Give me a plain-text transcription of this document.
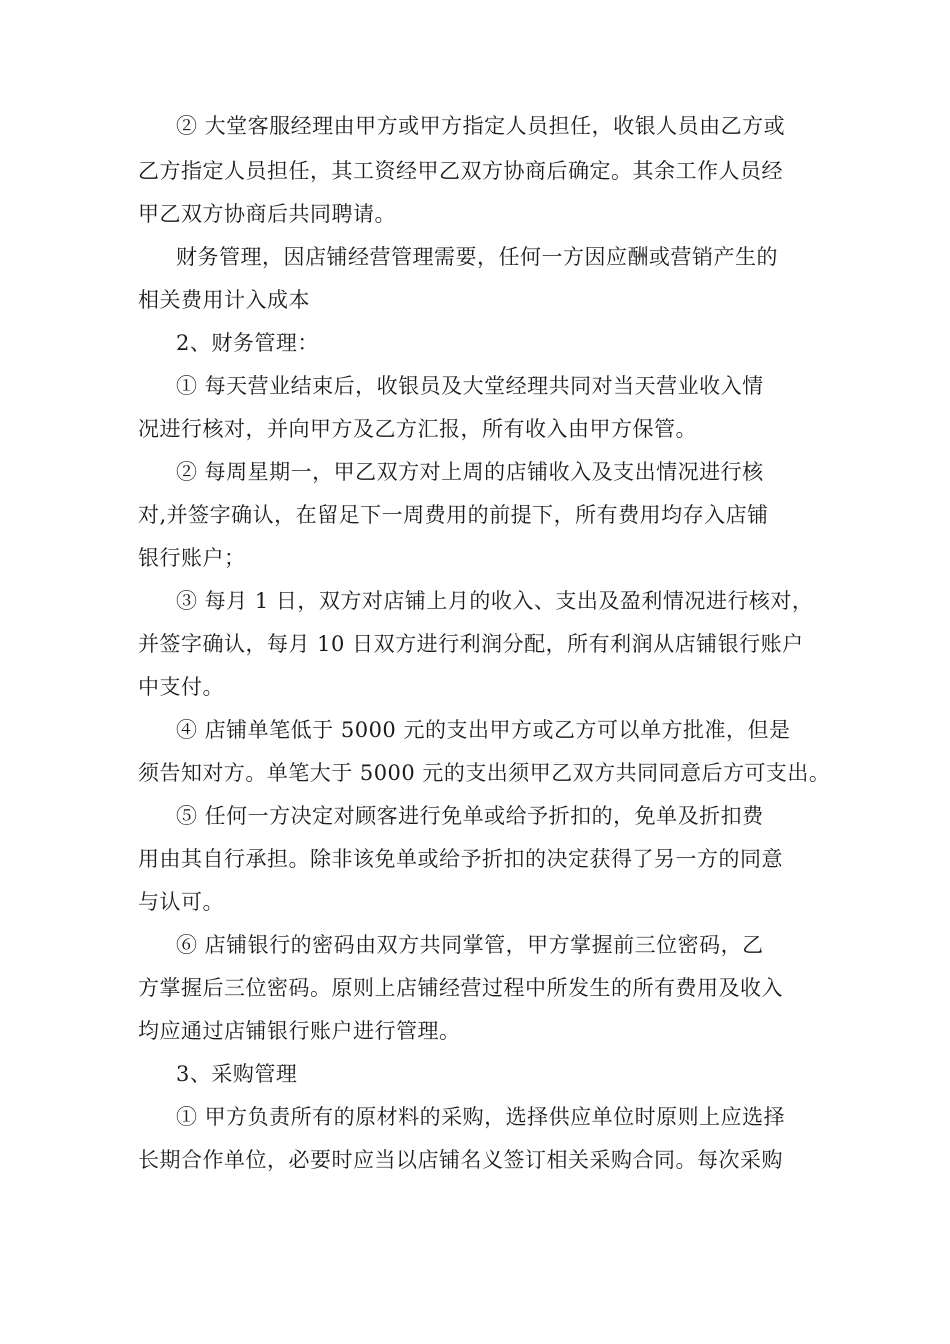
② 大堂客服经理由甲方或甲方指定人员担任，收银人员由乙方或
乙方指定人员担任，其工资经甲乙双方协商后确定。其余工作人员经
甲乙双方协商后共同聘请。
财务管理，因店铺经营管理需要，任何一方因应酬或营销产生的
相关费用计入成本
2、财务管理：
① 每天营业结束后，收银员及大堂经理共同对当天营业收入情
况进行核对，并向甲方及乙方汇报，所有收入由甲方保管。
② 每周星期一，甲乙双方对上周的店铺收入及支出情况进行核
对,并签字确认，在留足下一周费用的前提下，所有费用均存入店铺
银行账户；
③ 每月 1 日，双方对店铺上月的收入、支出及盈利情况进行核对，
并签字确认，每月 10 日双方进行利润分配，所有利润从店铺银行账户
中支付。
④ 店铺单笔低于 5000 元的支出甲方或乙方可以单方批准，但是
须告知对方。单笔大于 5000 元的支出须甲乙双方共同同意后方可支出。
⑤ 任何一方决定对顾客进行免单或给予折扣的，免单及折扣费
用由其自行承担。除非该免单或给予折扣的决定获得了另一方的同意
与认可。
⑥ 店铺银行的密码由双方共同掌管，甲方掌握前三位密码，乙
方掌握后三位密码。原则上店铺经营过程中所发生的所有费用及收入
均应通过店铺银行账户进行管理。
3、采购管理
① 甲方负责所有的原材料的采购，选择供应单位时原则上应选择
长期合作单位，必要时应当以店铺名义签订相关采购合同。每次采购
